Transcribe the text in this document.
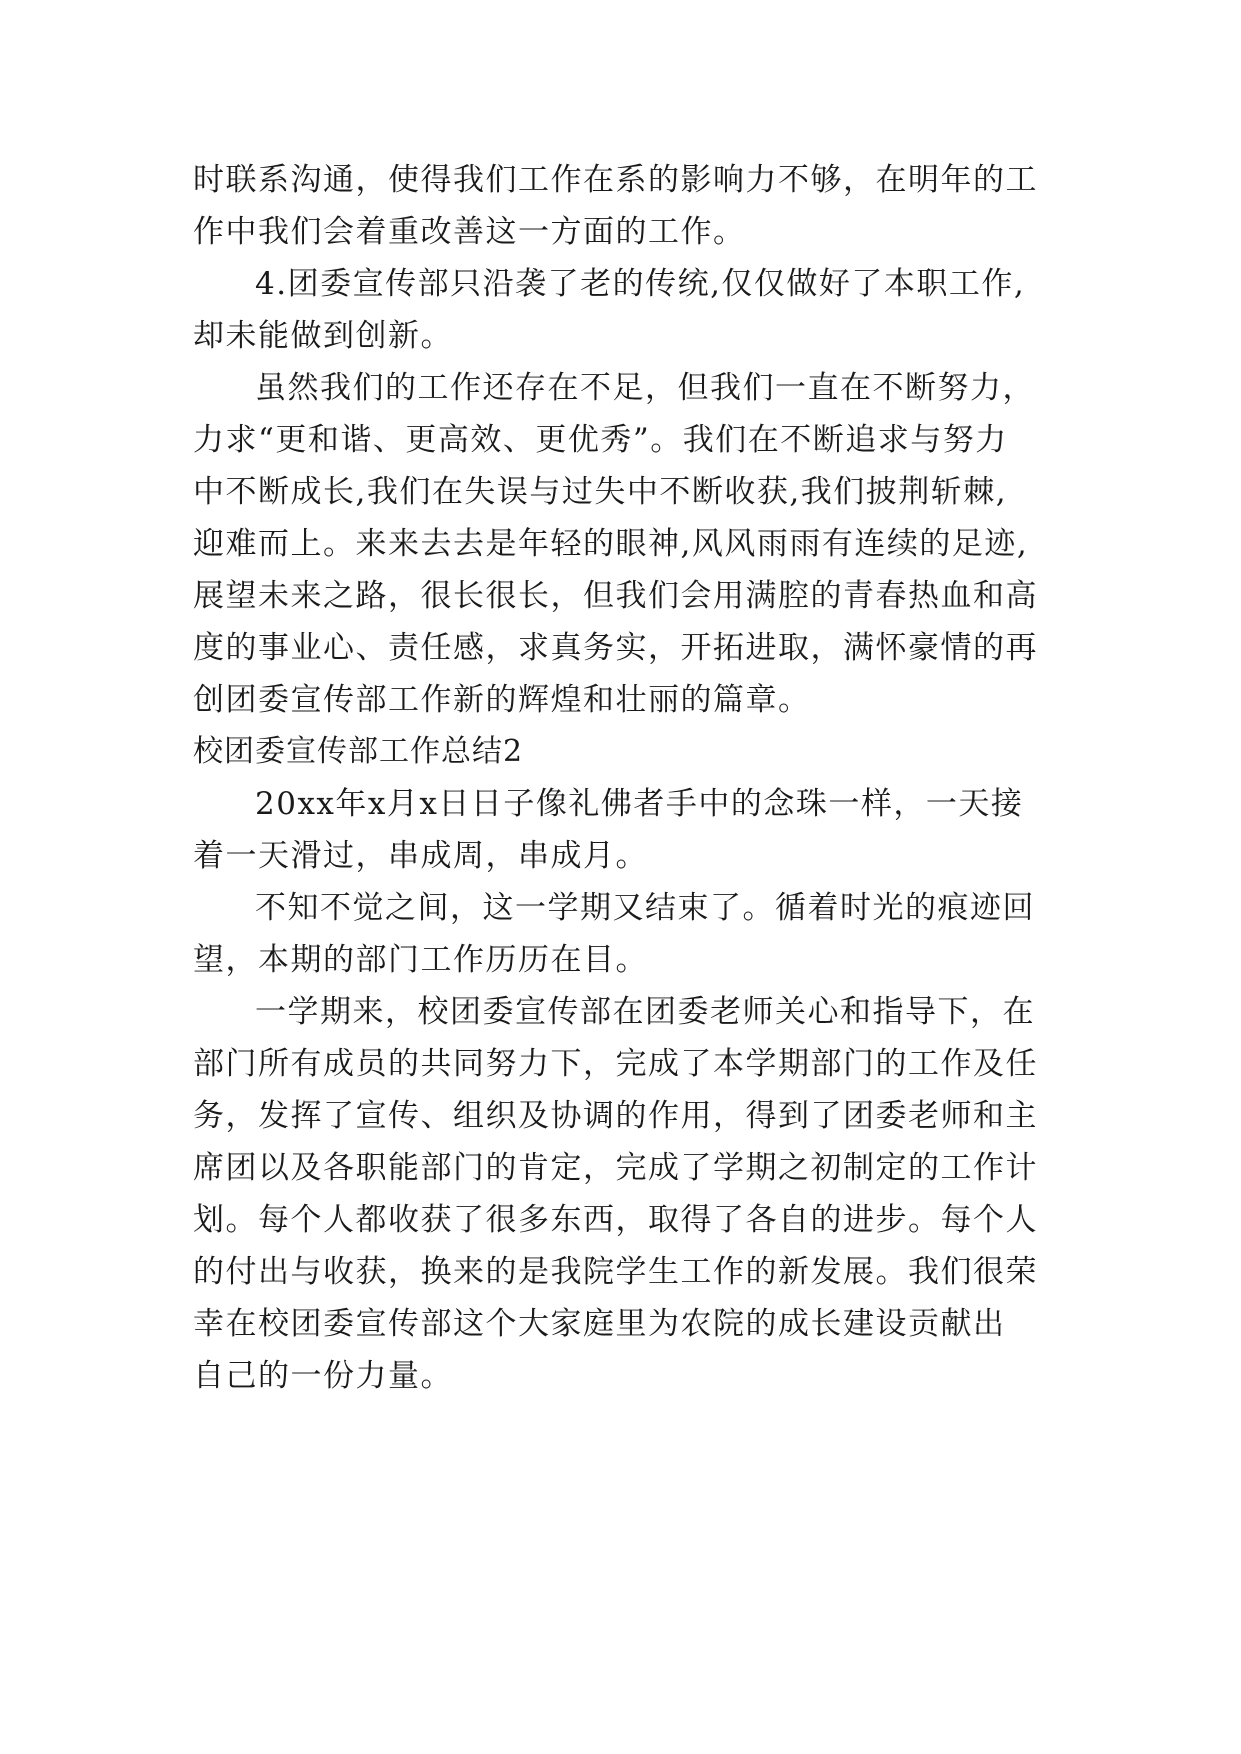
时联系沟通，使得我们工作在系的影响力不够，在明年的工
作中我们会着重改善这一方面的工作。
4.团委宣传部只沿袭了老的传统,仅仅做好了本职工作,
却未能做到创新。
虽然我们的工作还存在不足，但我们一直在不断努力，
力求“更和谐、更高效、更优秀”。我们在不断追求与努力
中不断成长,我们在失误与过失中不断收获,我们披荆斩棘,
迎难而上。来来去去是年轻的眼神,风风雨雨有连续的足迹,
展望未来之路，很长很长，但我们会用满腔的青春热血和高
度的事业心、责任感，求真务实，开拓进取，满怀豪情的再
创团委宣传部工作新的辉煌和壮丽的篇章。
校团委宣传部工作总结2
20xx年x月x日日子像礼佛者手中的念珠一样，一天接
着一天滑过，串成周，串成月。
不知不觉之间，这一学期又结束了。循着时光的痕迹回
望，本期的部门工作历历在目。
一学期来，校团委宣传部在团委老师关心和指导下，在
部门所有成员的共同努力下，完成了本学期部门的工作及任
务，发挥了宣传、组织及协调的作用，得到了团委老师和主
席团以及各职能部门的肯定，完成了学期之初制定的工作计
划。每个人都收获了很多东西，取得了各自的进步。每个人
的付出与收获，换来的是我院学生工作的新发展。我们很荣
幸在校团委宣传部这个大家庭里为农院的成长建设贡献出
自己的一份力量。
